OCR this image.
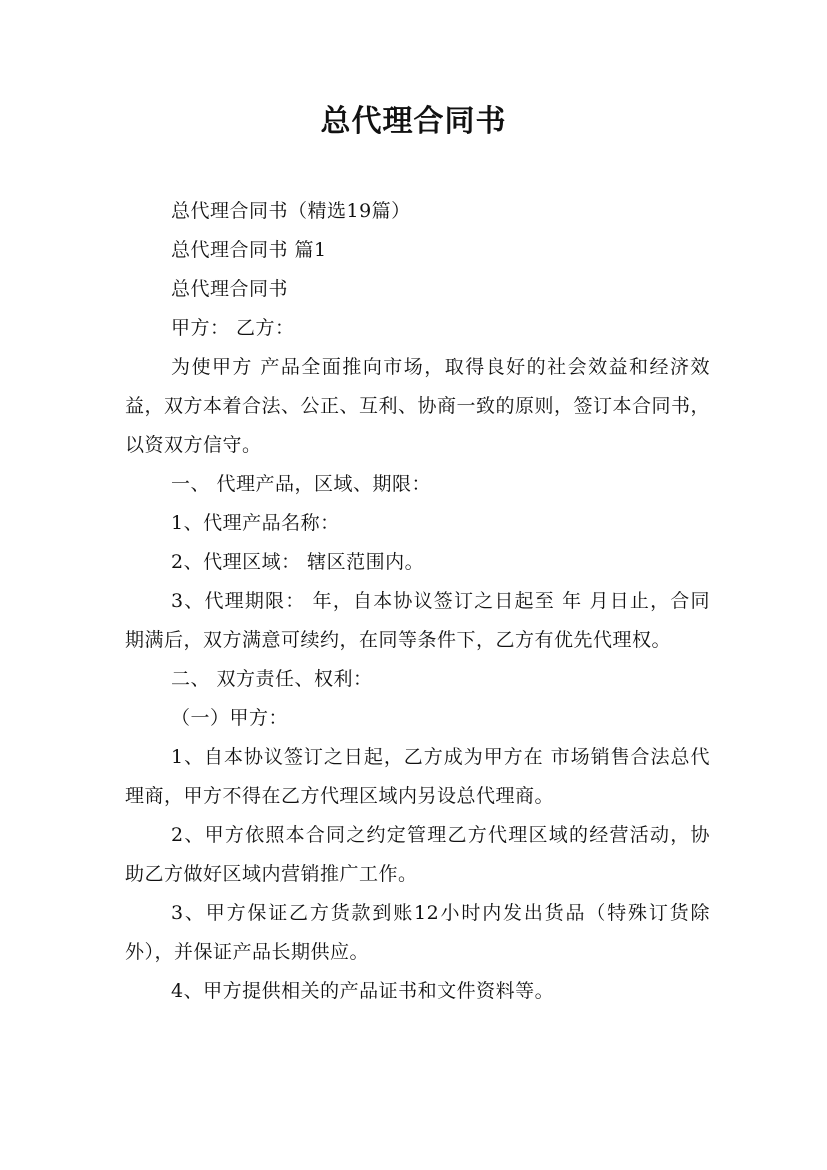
总代理合同书

总代理合同书（精选19篇）

总代理合同书 篇1

总代理合同书

甲方： 乙方：

为使甲方 产品全面推向市场，取得良好的社会效益和经济效益，双方本着合法、公正、互利、协商一致的原则，签订本合同书，以资双方信守。

一、 代理产品，区域、期限：

1、代理产品名称：

2、代理区域： 辖区范围内。

3、代理期限： 年，自本协议签订之日起至 年 月日止，合同期满后，双方满意可续约，在同等条件下，乙方有优先代理权。

二、 双方责任、权利：

（一）甲方：

1、自本协议签订之日起，乙方成为甲方在 市场销售合法总代理商，甲方不得在乙方代理区域内另设总代理商。

2、甲方依照本合同之约定管理乙方代理区域的经营活动，协助乙方做好区域内营销推广工作。

3、甲方保证乙方货款到账12小时内发出货品（特殊订货除外），并保证产品长期供应。

4、甲方提供相关的产品证书和文件资料等。
